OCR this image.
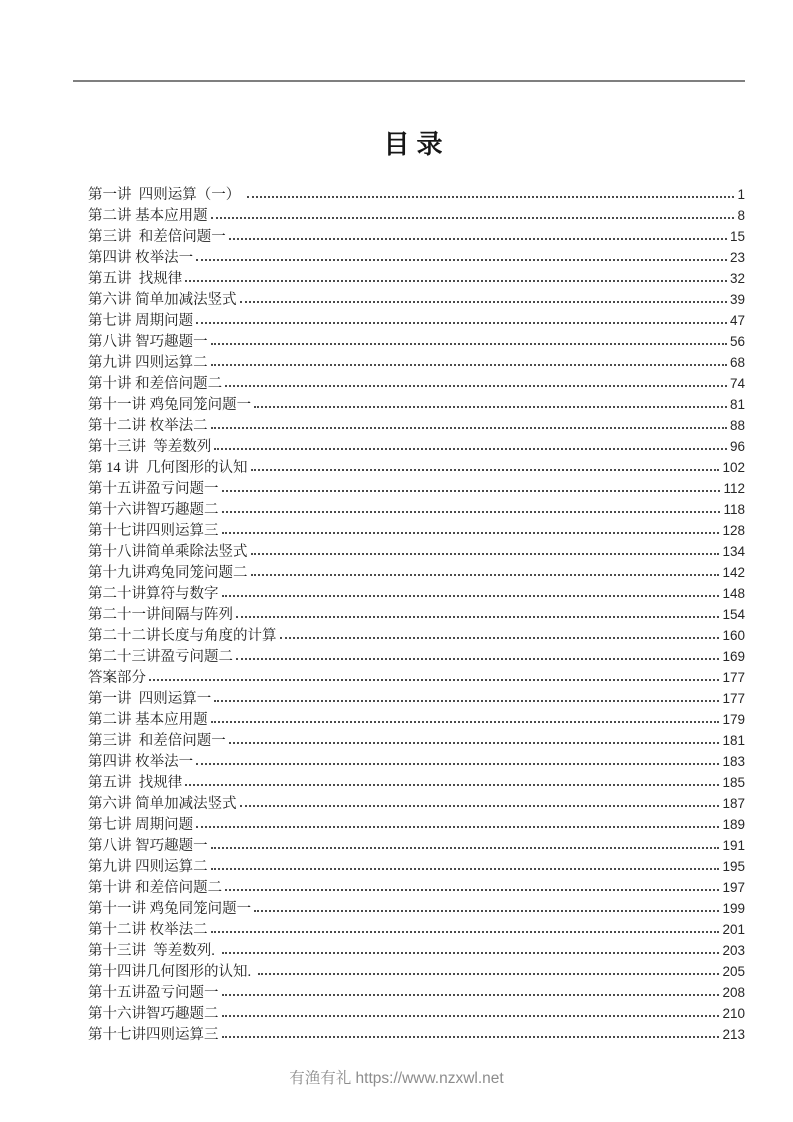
目录
第一讲  四则运算（一）	1
第二讲 基本应用题	8
第三讲  和差倍问题一	15
第四讲 枚举法一	23
第五讲  找规律	32
第六讲 简单加减法竖式	39
第七讲 周期问题	47
第八讲 智巧趣题一	56
第九讲 四则运算二	68
第十讲 和差倍问题二	74
第十一讲 鸡兔同笼问题一	81
第十二讲 枚举法二	88
第十三讲  等差数列	96
第 14 讲  几何图形的认知	102
第十五讲盈亏问题一	112
第十六讲智巧趣题二	118
第十七讲四则运算三	128
第十八讲简单乘除法竖式	134
第十九讲鸡兔同笼问题二	142
第二十讲算符与数字	148
第二十一讲间隔与阵列	154
第二十二讲长度与角度的计算	160
第二十三讲盈亏问题二	169
答案部分	177
第一讲  四则运算一	177
第二讲 基本应用题	179
第三讲  和差倍问题一	181
第四讲 枚举法一	183
第五讲  找规律	185
第六讲 简单加减法竖式	187
第七讲 周期问题	189
第八讲 智巧趣题一	191
第九讲 四则运算二	195
第十讲 和差倍问题二	197
第十一讲 鸡兔同笼问题一	199
第十二讲 枚举法二	201
第十三讲  等差数列.	203
第十四讲几何图形的认知.	205
第十五讲盈亏问题一	208
第十六讲智巧趣题二	210
第十七讲四则运算三	213
有渔有礼 https://www.nzxwl.net
